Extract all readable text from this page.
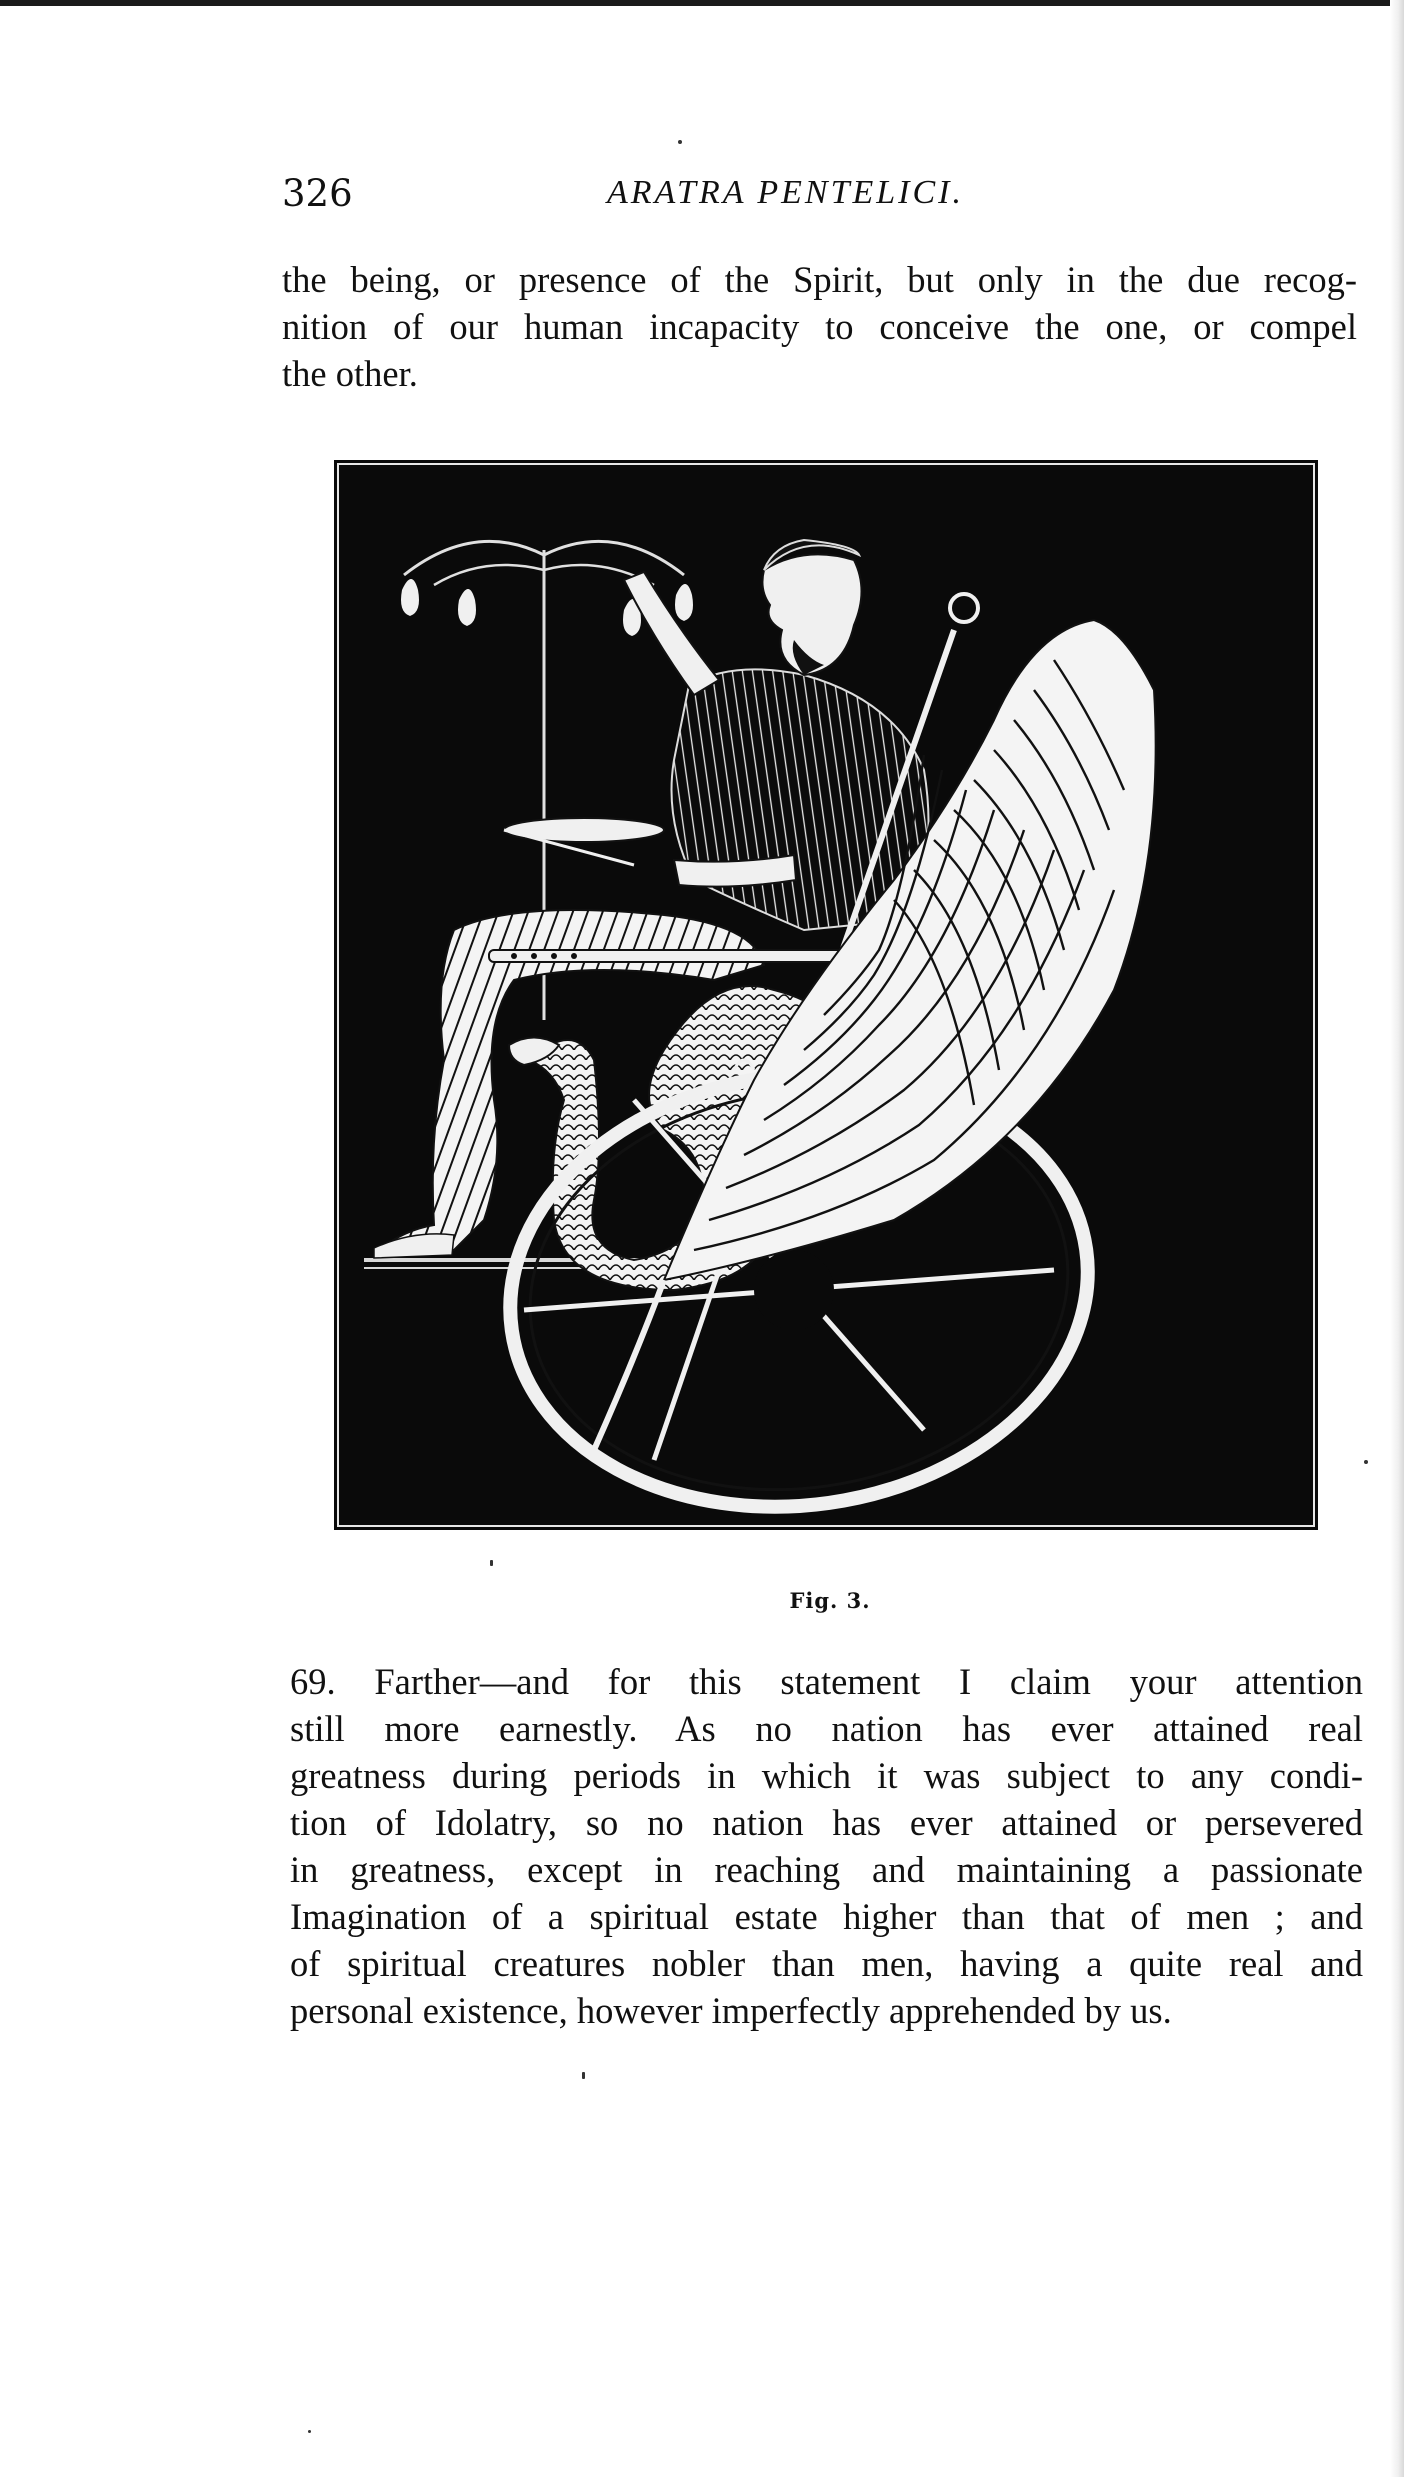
326	ARATRA PENTELICI.
the being, or presence of the Spirit, but only in the due recog-
nition of our human incapacity to conceive the one, or compel
the other.
Fig. 3.
69. Farther—and for this statement I claim your attention
still more earnestly. As no nation has ever attained real
greatness during periods in which it was subject to any condi-
tion of Idolatry, so no nation has ever attained or persevered
in greatness, except in reaching and maintaining a passionate
Imagination of a spiritual estate higher than that of men ; and
of spiritual creatures nobler than men, having a quite real and
personal existence, however imperfectly apprehended by us.
